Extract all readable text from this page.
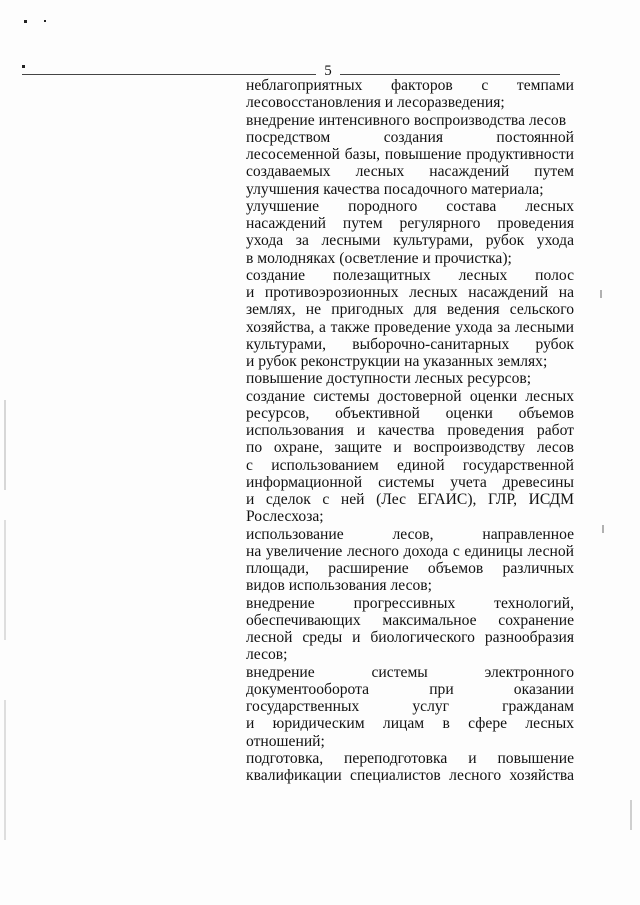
5
неблагоприятных факторов с темпами
лесовосстановления и лесоразведения;
внедрение интенсивного воспроизводства лесов
посредством создания постоянной
лесосеменной базы, повышение продуктивности
создаваемых лесных насаждений путем
улучшения качества посадочного материала;
улучшение породного состава лесных
насаждений путем регулярного проведения
ухода за лесными культурами, рубок ухода
в молодняках (осветление и прочистка);
создание полезащитных лесных полос
и противоэрозионных лесных насаждений на
землях, не пригодных для ведения сельского
хозяйства, а также проведение ухода за лесными
культурами, выборочно-санитарных рубок
и рубок реконструкции на указанных землях;
повышение доступности лесных ресурсов;
создание системы достоверной оценки лесных
ресурсов, объективной оценки объемов
использования и качества проведения работ
по охране, защите и воспроизводству лесов
с использованием единой государственной
информационной системы учета древесины
и сделок с ней (Лес ЕГАИС), ГЛР, ИСДМ
Рослесхоза;
использование лесов, направленное
на увеличение лесного дохода с единицы лесной
площади, расширение объемов различных
видов использования лесов;
внедрение прогрессивных технологий,
обеспечивающих максимальное сохранение
лесной среды и биологического разнообразия
лесов;
внедрение системы электронного
документооборота при оказании
государственных услуг гражданам
и юридическим лицам в сфере лесных
отношений;
подготовка, переподготовка и повышение
квалификации специалистов лесного хозяйства
